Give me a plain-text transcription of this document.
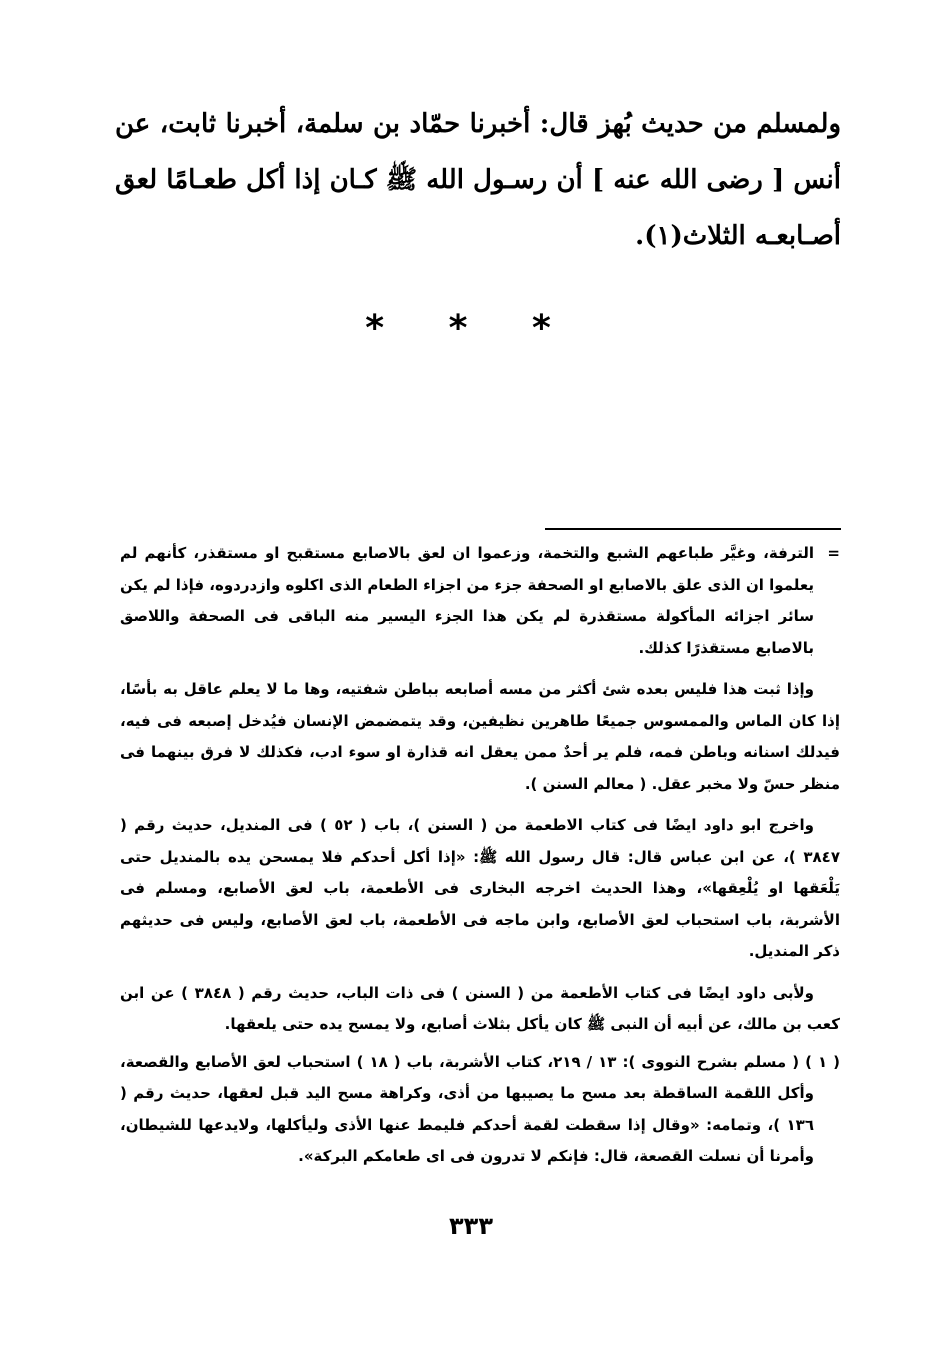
ولمسلم من حديث بُهز قال: أخبرنا حمّاد بن سلمة، أخبرنا ثابت، عن أنس [ رضى الله عنه ] أن رسـول الله ﷺ كـان إذا أكل طعـامًا لعق أصـابعـه الثلاث(١).
* * *

=
الترفة، وغيَّر طباعهم الشبع والتخمة، وزعموا ان لعق بالاصابع مستقبح او مستقذر، كأنهم لم يعلموا ان الذى علق بالاصابع او الصحفة جزء من اجزاء الطعام الذى اكلوه وازدردوه، فإذا لم يكن سائر اجزائه المأكولة مستقذرة لم يكن هذا الجزء اليسير منه الباقى فى الصحفة واللاصق بالاصابع مستقذرًا كذلك.

وإذا ثبت هذا فليس بعده شئ أكثر من مسه أصابعه بباطن شفتيه، وها ما لا يعلم عاقل به بأسًا، إذا كان الماس والممسوس جميعًا طاهرين نظيفين، وقد يتمضمض الإنسان فيُدخل إصبعه فى فيه، فيدلك اسنانه وباطن فمه، فلم ير أحدٌ ممن يعقل انه قذارة او سوء ادب، فكذلك لا فرق بينهما فى منظر حسّ ولا مخبر عقل. ( معالم السنن ).

واخرج ابو داود ايضًا فى كتاب الاطعمة من ( السنن )، باب ( ٥٢ ) فى المنديل، حديث رقم ( ٣٨٤٧ )، عن ابن عباس قال: قال رسول الله ﷺ: «إذا أكل أحدكم فلا يمسحن يده بالمنديل حتى يَلْعَقها او يُلْعِقها»، وهذا الحديث اخرجه البخارى فى الأطعمة، باب لعق الأصابع، ومسلم فى الأشربة، باب استحباب لعق الأصابع، وابن ماجه فى الأطعمة، باب لعق الأصابع، وليس فى حديثهم ذكر المنديل.

ولأبى داود ايضًا فى كتاب الأطعمة من ( السنن ) فى ذات الباب، حديث رقم ( ٣٨٤٨ ) عن ابن كعب بن مالك، عن أبيه أن النبى ﷺ كان يأكل بثلاث أصابع، ولا يمسح يده حتى يلعقها.

( ١ ) ( مسلم بشرح النووى ): ١٣ / ٢١٩، كتاب الأشربة، باب ( ١٨ ) استحباب لعق الأصابع والقصعة، وأكل اللقمة الساقطة بعد مسح ما يصيبها من أذى، وكراهة مسح اليد قبل لعقها، حديث رقم ( ١٣٦ )، وتمامه: «وقال إذا سقطت لقمة أحدكم فليمط عنها الأذى وليأكلها، ولايدعها للشيطان، وأمرنا أن نسلت القصعة، قال: فإنكم لا تدرون فى اى طعامكم البركة».

٣٣٣
